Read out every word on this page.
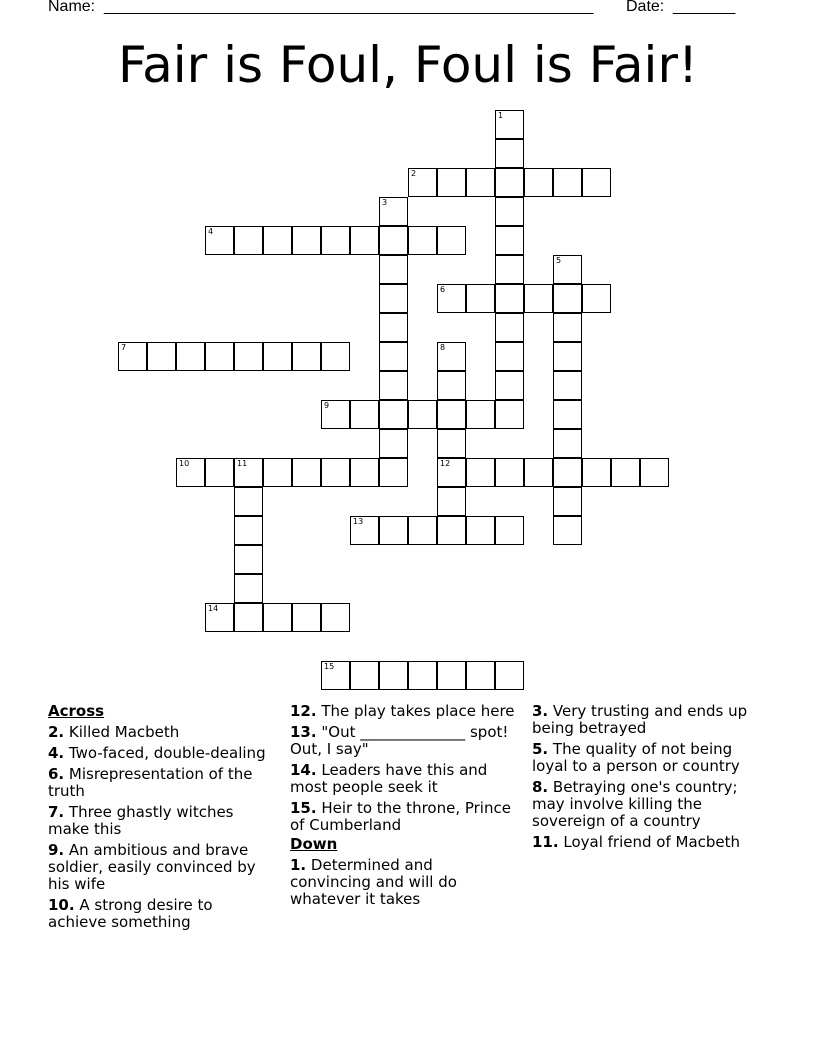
Name: _______________________________________________________ Date: _______
Fair is Foul, Foul is Fair!
1
2
3
4
5
6
7	8
12
9
10	11
13
14
15
Across
2. Killed Macbeth
4. Two-faced, double-dealing
6. Misrepresentation of the truth
7. Three ghastly witches make this
9. An ambitious and brave soldier, easily convinced by his wife
10. A strong desire to achieve something
12. The play takes place here
13. "Out ______________ spot! Out, I say"
14. Leaders have this and most people seek it
15. Heir to the throne, Prince of Cumberland
Down
1. Determined and convincing and will do whatever it takes
3. Very trusting and ends up being betrayed
5. The quality of not being loyal to a person or country
8. Betraying one's country; may involve killing the sovereign of a country
11. Loyal friend of Macbeth
